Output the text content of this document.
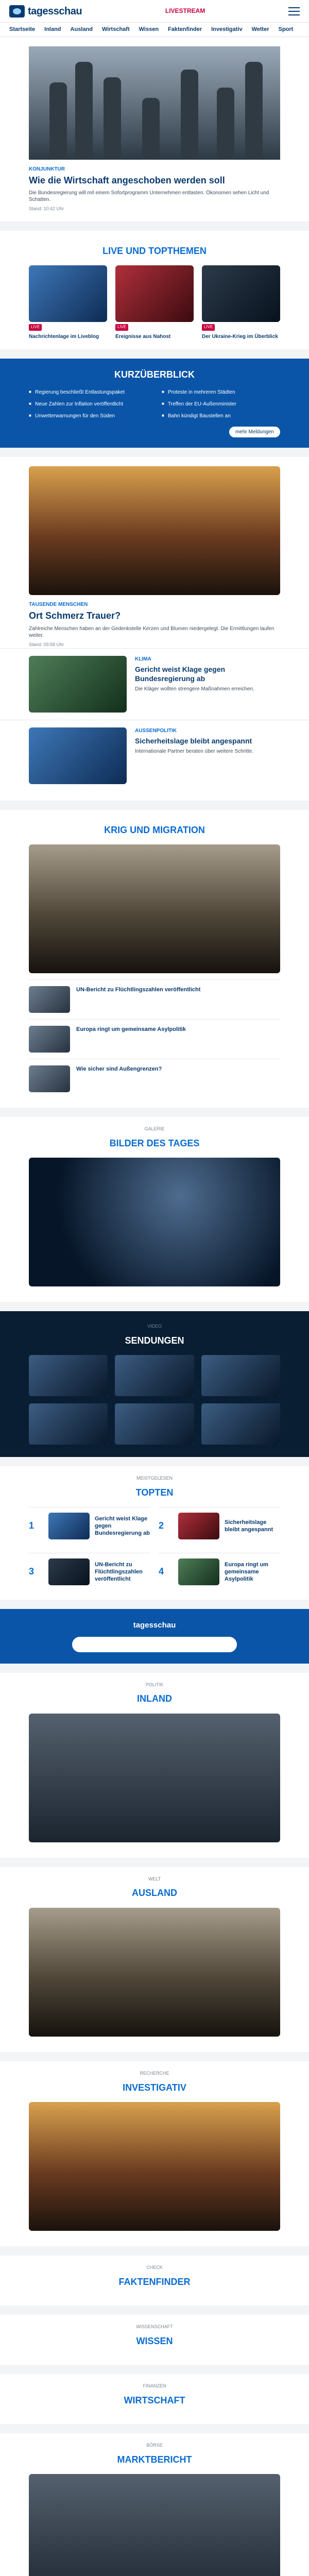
tagesschau	LIVESTREAM
Startseite Inland Ausland Wirtschaft Wissen Faktenfinder Investigativ Wetter Sport
KONJUNKTUR
Wie die Wirtschaft angeschoben werden soll
Die Bundesregierung will mit einem Sofortprogramm Unternehmen entlasten. Ökonomen sehen Licht und Schatten.
Stand: 10:42 Uhr
LIVE UND TOPTHEMEN
LIVE
Nachrichtenlage im Liveblog
LIVE
Ereignisse aus Nahost
LIVE
Der Ukraine-Krieg im Überblick
KURZÜBERBLICK
■ Regierung beschließt Entlastungspaket	■ Proteste in mehreren Städten
■ Neue Zahlen zur Inflation veröffentlicht	■ Treffen der EU-Außenminister
■ Unwetterwarnungen für den Süden	■ Bahn kündigt Baustellen an
mehr Meldungen
TAUSENDE MENSCHEN
Ort Schmerz Trauer?
Zahlreiche Menschen haben an der Gedenkstelle Kerzen und Blumen niedergelegt. Die Ermittlungen laufen weiter.
Stand: 09:58 Uhr
KLIMA
Gericht weist Klage gegen Bundesregierung ab
Die Kläger wollten strengere Maßnahmen erreichen.
AUSSENPOLITIK
Sicherheitslage bleibt angespannt
Internationale Partner beraten über weitere Schritte.
KRIG UND MIGRATION
UN-Bericht zu Flüchtlingszahlen veröffentlicht
Europa ringt um gemeinsame Asylpolitik
Wie sicher sind Außengrenzen?
GALERIE
BILDER DES TAGES
VIDEO
SENDUNGEN
MEISTGELESEN
TOPTEN
1
Gericht weist Klage gegen Bundesregierung ab
2	Sicherheitslage bleibt angespannt
3
UN-Bericht zu Flüchtlingszahlen veröffentlicht
4
Europa ringt um gemeinsame Asylpolitik
tagesschau
POLITIK
INLAND
WELT
AUSLAND
RECHERCHE
INVESTIGATIV
CHECK
FAKTENFINDER
WISSENSCHAFT
WISSEN
FINANZEN
WIRTSCHAFT
BÖRSE
MARKTBERICHT
